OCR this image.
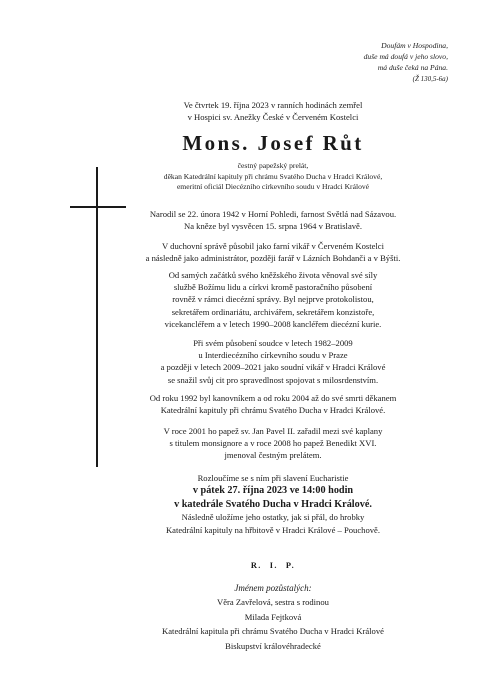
Doufám v Hospodina,
duše má doufá v jeho slovo,
má duše čeká na Pána.
(Ž 130,5-6a)

Ve čtvrtek 19. října 2023 v ranních hodinách zemřel

v Hospici sv. Anežky České v Červeném Kostelci

Mons. Josef Růt

čestný papežský prelát,

děkan Katedrální kapituly při chrámu Svatého Ducha v Hradci Králové,

emeritní oficiál Diecézního církevního soudu v Hradci Králové

Narodil se 22. února 1942 v Horní Pohledi, farnost Světlá nad Sázavou.

Na kněze byl vysvěcen 15. srpna 1964 v Bratislavě.

V duchovní správě působil jako farní vikář v Červeném Kostelci

a následně jako administrátor, později farář v Lázních Bohdanči a v Býšti.

Od samých začátků svého kněžského života věnoval své síly

službě Božímu lidu a církvi kromě pastoračního působení

rovněž v rámci diecézní správy. Byl nejprve protokolistou,

sekretářem ordinariátu, archivářem, sekretářem konzistoře,

vicekancléřem a v letech 1990–2008 kancléřem diecézní kurie.

Při svém působení soudce v letech 1982–2009

u Interdiecézního církevního soudu v Praze

a později v letech 2009–2021 jako soudní vikář v Hradci Králové

se snažil svůj cit pro spravedlnost spojovat s milosrdenstvím.

Od roku 1992 byl kanovníkem a od roku 2004 až do své smrti děkanem

Katedrální kapituly při chrámu Svatého Ducha v Hradci Králové.

V roce 2001 ho papež sv. Jan Pavel II. zařadil mezi své kaplany

s titulem monsignore a v roce 2008 ho papež Benedikt XVI.

jmenoval čestným prelátem.

Rozloučíme se s ním při slavení Eucharistie

v pátek 27. října 2023 ve 14:00 hodin

v katedrále Svatého Ducha v Hradci Králové.

Následně uložíme jeho ostatky, jak si přál, do hrobky

Katedrální kapituly na hřbitově v Hradci Králové – Pouchově.

R. I. P.

Jménem pozůstalých:

Věra Zavřelová, sestra s rodinou

Milada Fejtková

Katedrální kapitula při chrámu Svatého Ducha v Hradci Králové

Biskupství královéhradecké
